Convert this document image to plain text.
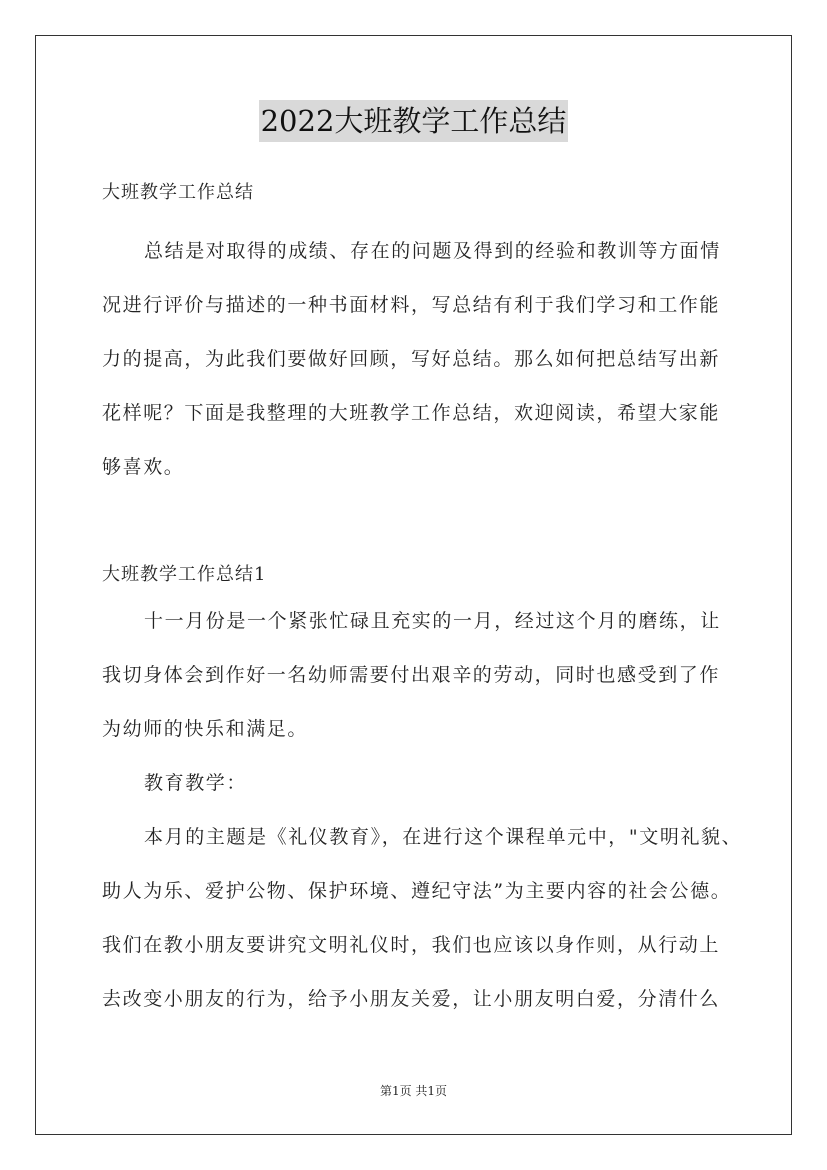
2022大班教学工作总结
大班教学工作总结
总结是对取得的成绩、存在的问题及得到的经验和教训等方面情
况进行评价与描述的一种书面材料，写总结有利于我们学习和工作能
力的提高，为此我们要做好回顾，写好总结。那么如何把总结写出新
花样呢？下面是我整理的大班教学工作总结，欢迎阅读，希望大家能
够喜欢。
大班教学工作总结1
十一月份是一个紧张忙碌且充实的一月，经过这个月的磨练，让
我切身体会到作好一名幼师需要付出艰辛的劳动，同时也感受到了作
为幼师的快乐和满足。
教育教学：
本月的主题是《礼仪教育》，在进行这个课程单元中，"文明礼貌、
助人为乐、爱护公物、保护环境、遵纪守法”为主要内容的社会公德。
我们在教小朋友要讲究文明礼仪时，我们也应该以身作则，从行动上
去改变小朋友的行为，给予小朋友关爱，让小朋友明白爱，分清什么
第1页 共1页
